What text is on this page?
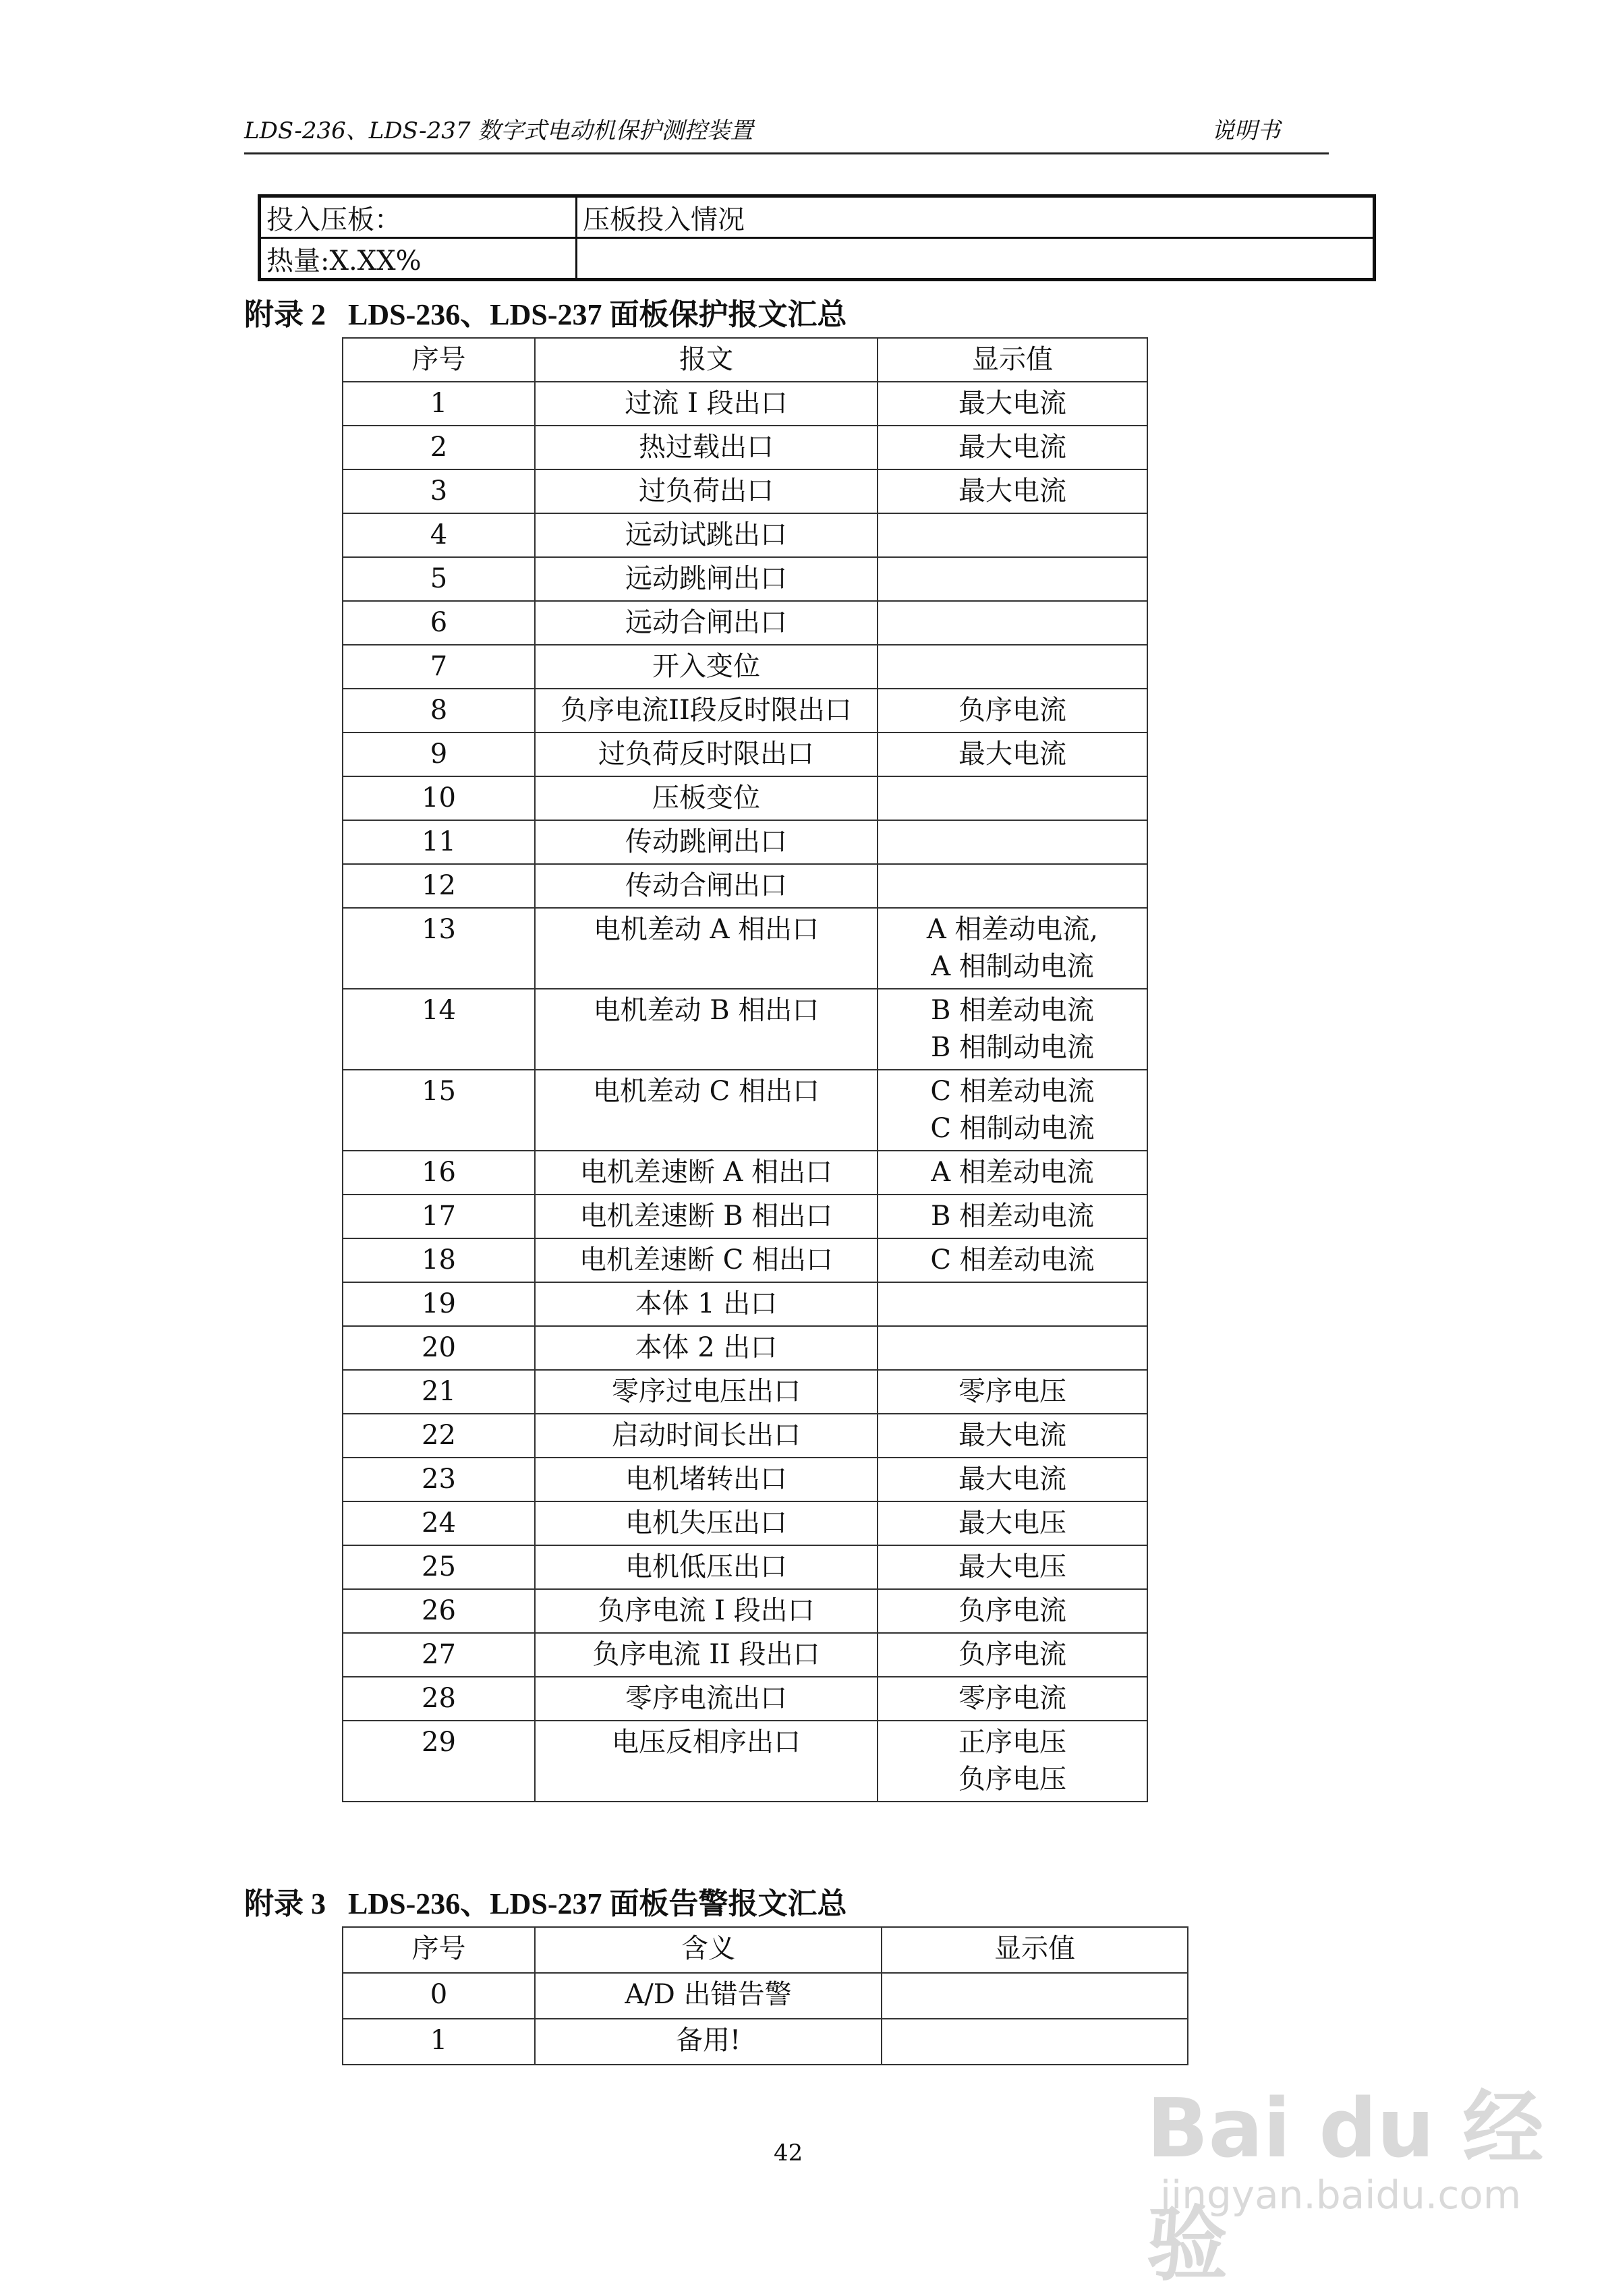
LDS-236、LDS-237 数字式电动机保护测控装置	说明书
投入压板：	压板投入情况
热量:X.XX%	
附录 2   LDS-236、LDS-237 面板保护报文汇总
序号	报文	显示值
1	过流 I 段出口	最大电流
2	热过载出口	最大电流
3	过负荷出口	最大电流
4	远动试跳出口	
5	远动跳闸出口	
6	远动合闸出口	
7	开入变位	
8	负序电流II段反时限出口	负序电流
9	过负荷反时限出口	最大电流
10	压板变位	
11	传动跳闸出口	
12	传动合闸出口	
13	电机差动 A 相出口	A 相差动电流,
A 相制动电流
14	电机差动 B 相出口	B 相差动电流
B 相制动电流
15	电机差动 C 相出口	C 相差动电流
C 相制动电流
16	电机差速断 A 相出口	A 相差动电流
17	电机差速断 B 相出口	B 相差动电流
18	电机差速断 C 相出口	C 相差动电流
19	本体 1 出口	
20	本体 2 出口	
21	零序过电压出口	零序电压
22	启动时间长出口	最大电流
23	电机堵转出口	最大电流
24	电机失压出口	最大电压
25	电机低压出口	最大电压
26	负序电流 I 段出口	负序电流
27	负序电流 II 段出口	负序电流
28	零序电流出口	零序电流
29	电压反相序出口	正序电压
负序电压
附录 3   LDS-236、LDS-237 面板告警报文汇总
序号	含义	显示值
0	A/D 出错告警	
1	备用!	
42	Bai du 经验
jingyan.baidu.com
